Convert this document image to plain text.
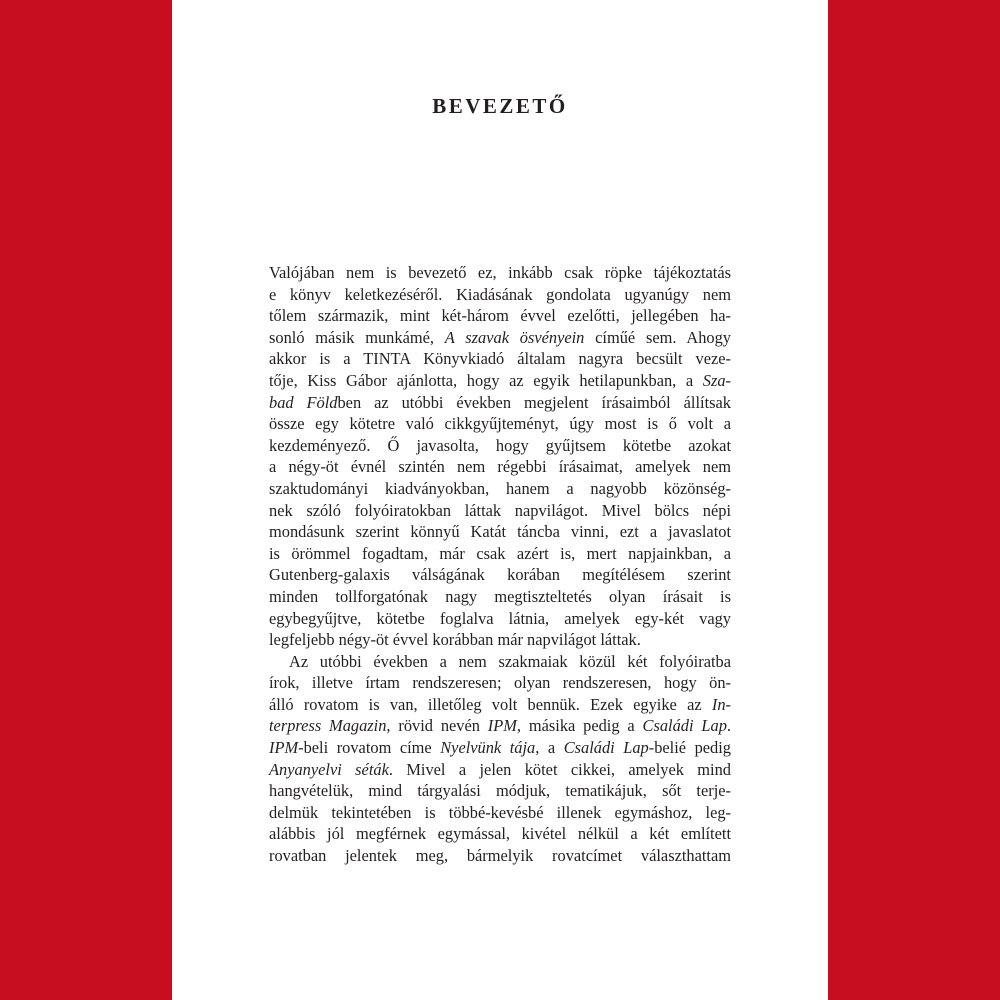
BEVEZETŐ
Valójában nem is bevezető ez, inkább csak röpke tájékoztatás
e könyv keletkezéséről. Kiadásának gondolata ugyanúgy nem
tőlem származik, mint két-három évvel ezelőtti, jellegében ha-
sonló másik munkámé, A szavak ösvényein címűé sem. Ahogy
akkor is a TINTA Könyvkiadó általam nagyra becsült veze-
tője, Kiss Gábor ajánlotta, hogy az egyik hetilapunkban, a Sza-
bad Földben az utóbbi években megjelent írásaimból állítsak
össze egy kötetre való cikkgyűjteményt, úgy most is ő volt a
kezdeményező. Ő javasolta, hogy gyűjtsem kötetbe azokat
a négy-öt évnél szintén nem régebbi írásaimat, amelyek nem
szaktudományi kiadványokban, hanem a nagyobb közönség-
nek szóló folyóiratokban láttak napvilágot. Mivel bölcs népi
mondásunk szerint könnyű Katát táncba vinni, ezt a javaslatot
is örömmel fogadtam, már csak azért is, mert napjainkban, a
Gutenberg-galaxis válságának korában megítélésem szerint
minden tollforgatónak nagy megtiszteltetés olyan írásait is
egybegyűjtve, kötetbe foglalva látnia, amelyek egy-két vagy
legfeljebb négy-öt évvel korábban már napvilágot láttak.
Az utóbbi években a nem szakmaiak közül két folyóiratba
írok, illetve írtam rendszeresen; olyan rendszeresen, hogy ön-
álló rovatom is van, illetőleg volt bennük. Ezek egyike az In-
terpress Magazin, rövid nevén IPM, másika pedig a Családi Lap.
IPM-beli rovatom címe Nyelvünk tája, a Családi Lap-belié pedig
Anyanyelvi séták. Mivel a jelen kötet cikkei, amelyek mind
hangvételük, mind tárgyalási módjuk, tematikájuk, sőt terje-
delmük tekintetében is többé-kevésbé illenek egymáshoz, leg-
alábbis jól megférnek egymással, kivétel nélkül a két említett
rovatban jelentek meg, bármelyik rovatcímet választhattam
